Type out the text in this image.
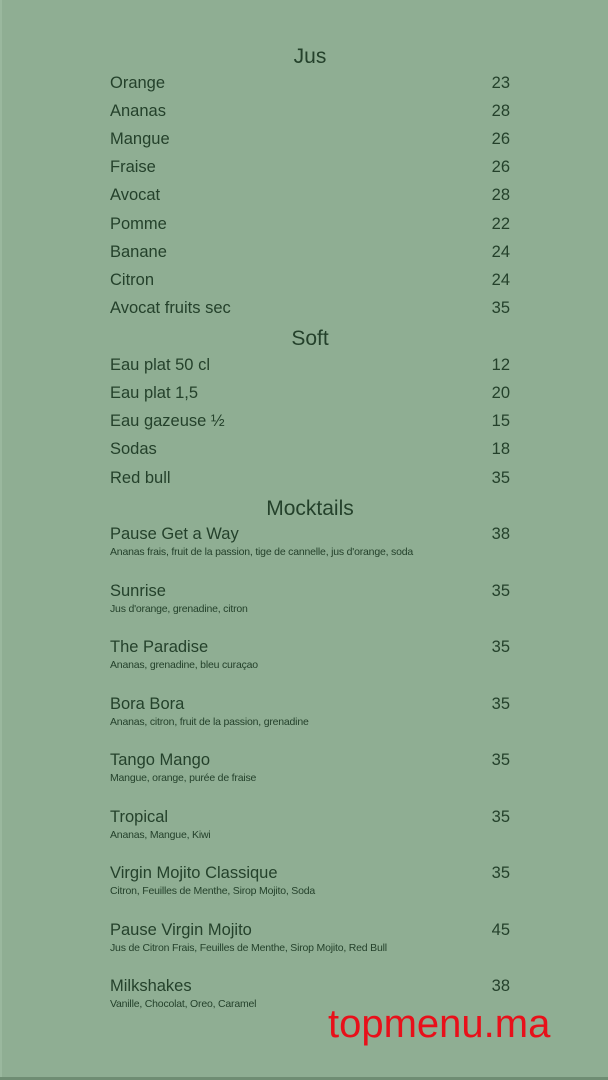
Jus
Orange	23
Ananas	28
Mangue	26
Fraise	26
Avocat	28
Pomme	22
Banane	24
Citron	24
Avocat fruits sec	35
Soft
Eau plat 50 cl	12
Eau plat 1,5	20
Eau gazeuse ½	15
Sodas	18
Red bull	35
Mocktails
Pause Get a Way	38
Ananas frais, fruit de la passion, tige de cannelle, jus d'orange, soda
Sunrise	35
Jus d'orange, grenadine, citron
The Paradise	35
Ananas, grenadine, bleu curaçao
Bora Bora	35
Ananas, citron, fruit de la passion, grenadine
Tango Mango	35
Mangue, orange, purée de fraise
Tropical	35
Ananas, Mangue, Kiwi
Virgin Mojito Classique	35
Citron, Feuilles de Menthe, Sirop Mojito, Soda
Pause Virgin Mojito	45
Jus de Citron Frais, Feuilles de Menthe, Sirop Mojito, Red Bull
Milkshakes	38
Vanille, Chocolat, Oreo, Caramel topmenu.ma
